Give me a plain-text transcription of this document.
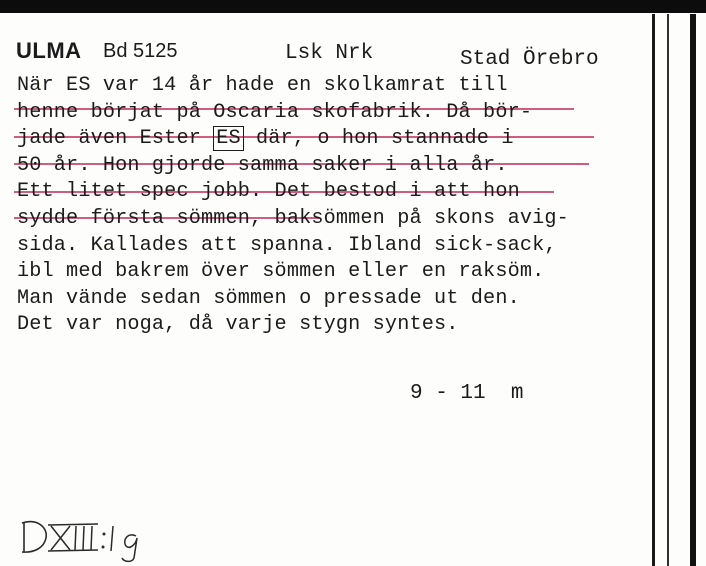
ULMA Bd 5125	Lsk Nrk	Stad Örebro
När ES var 14 år hade en skolkamrat till
henne börjat på Oscaria skofabrik. Då bör-
jade även Ester ES där, o hon stannade i
50 år. Hon gjorde samma saker i alla år.
Ett litet spec jobb. Det bestod i att hon
sydde första sömmen, baksömmen på skons avig-
sida. Kallades att spanna. Ibland sick-sack,
ibl med bakrem över sömmen eller en raksöm.
Man vände sedan sömmen o pressade ut den.
Det var noga, då varje stygn syntes.
9 - 11  m
